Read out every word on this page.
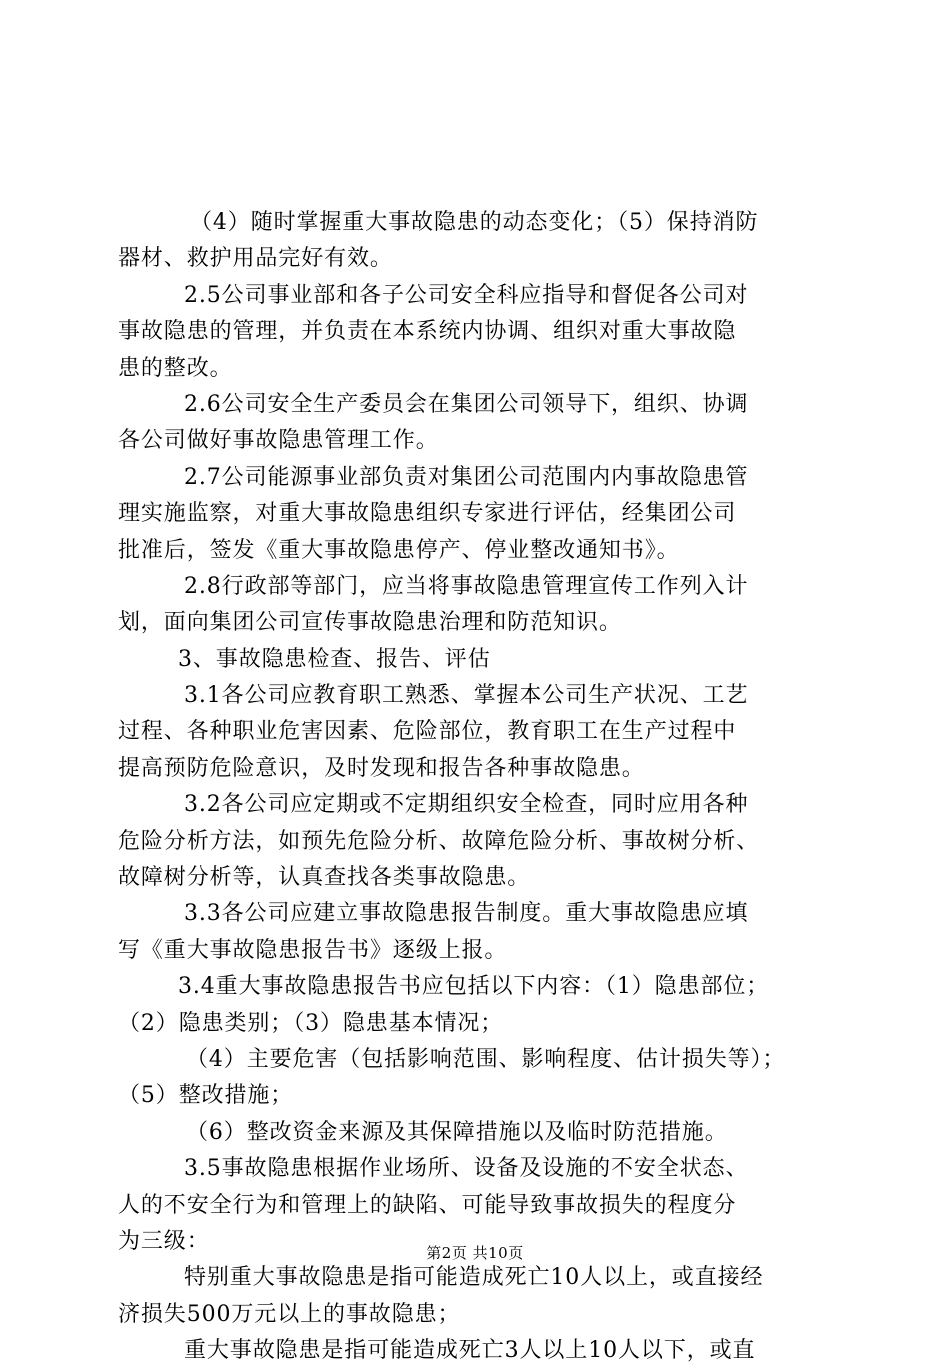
（4）随时掌握重大事故隐患的动态变化；（5）保持消防
器材、救护用品完好有效。
2.5公司事业部和各子公司安全科应指导和督促各公司对
事故隐患的管理，并负责在本系统内协调、组织对重大事故隐
患的整改。
2.6公司安全生产委员会在集团公司领导下，组织、协调
各公司做好事故隐患管理工作。
2.7公司能源事业部负责对集团公司范围内内事故隐患管
理实施监察，对重大事故隐患组织专家进行评估，经集团公司
批准后，签发《重大事故隐患停产、停业整改通知书》。
2.8行政部等部门，应当将事故隐患管理宣传工作列入计
划，面向集团公司宣传事故隐患治理和防范知识。
3、事故隐患检查、报告、评估
3.1各公司应教育职工熟悉、掌握本公司生产状况、工艺
过程、各种职业危害因素、危险部位，教育职工在生产过程中
提高预防危险意识，及时发现和报告各种事故隐患。
3.2各公司应定期或不定期组织安全检查，同时应用各种
危险分析方法，如预先危险分析、故障危险分析、事故树分析、
故障树分析等，认真查找各类事故隐患。
3.3各公司应建立事故隐患报告制度。重大事故隐患应填
写《重大事故隐患报告书》逐级上报。
3.4重大事故隐患报告书应包括以下内容：（1）隐患部位；
（2）隐患类别；（3）隐患基本情况；
（4）主要危害（包括影响范围、影响程度、估计损失等）；
（5）整改措施；
（6）整改资金来源及其保障措施以及临时防范措施。
3.5事故隐患根据作业场所、设备及设施的不安全状态、
人的不安全行为和管理上的缺陷、可能导致事故损失的程度分
为三级：
特别重大事故隐患是指可能造成死亡10人以上，或直接经
济损失500万元以上的事故隐患；
重大事故隐患是指可能造成死亡3人以上10人以下，或直
第2页 共10页
